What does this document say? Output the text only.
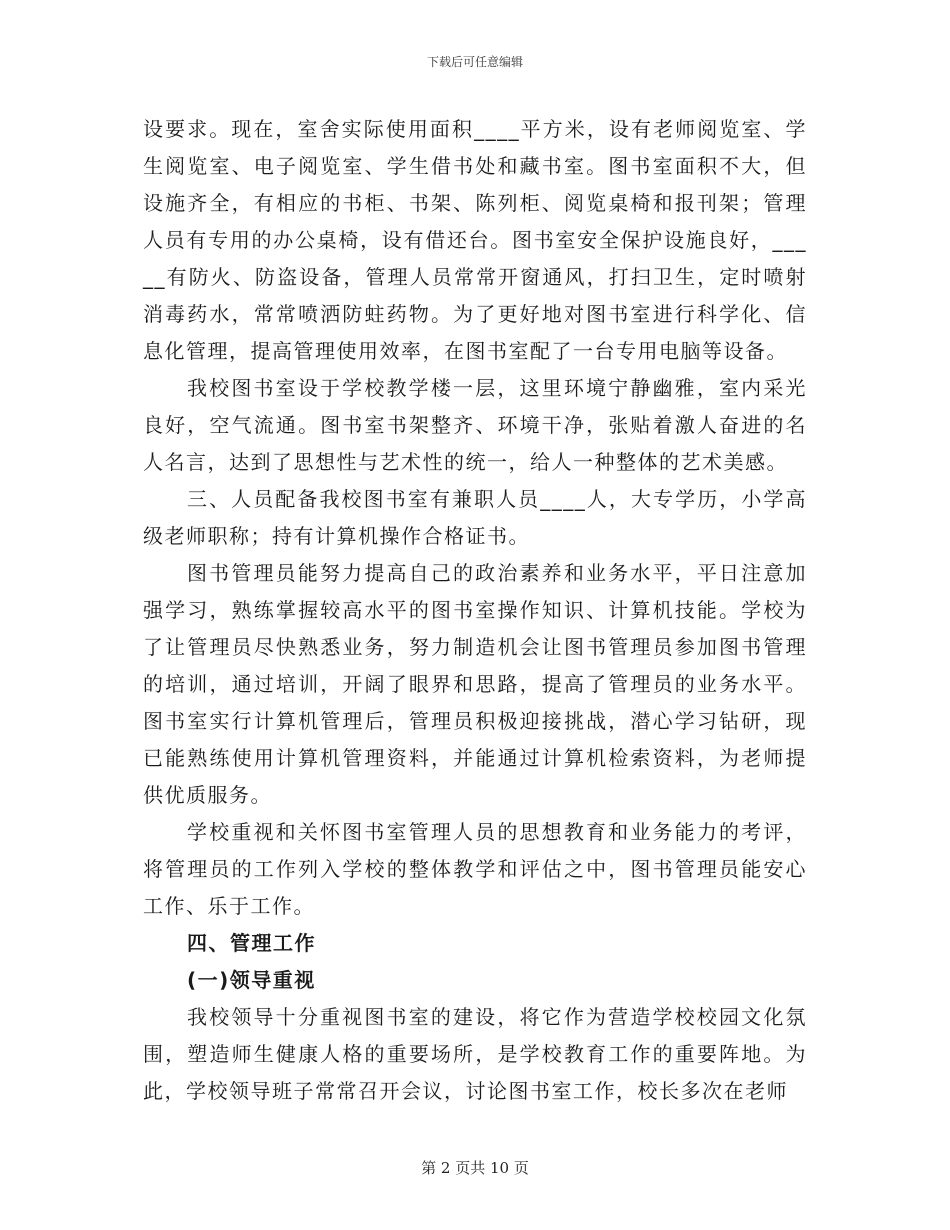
下载后可任意编辑

设要求。现在，室舍实际使用面积____平方米，设有老师阅览室、学生阅览室、电子阅览室、学生借书处和藏书室。图书室面积不大，但设施齐全，有相应的书柜、书架、陈列柜、阅览桌椅和报刊架；管理人员有专用的办公桌椅，设有借还台。图书室安全保护设施良好，_____有防火、防盗设备，管理人员常常开窗通风，打扫卫生，定时喷射消毒药水，常常喷洒防蛀药物。为了更好地对图书室进行科学化、信息化管理，提高管理使用效率，在图书室配了一台专用电脑等设备。

我校图书室设于学校教学楼一层，这里环境宁静幽雅，室内采光良好，空气流通。图书室书架整齐、环境干净，张贴着激人奋进的名人名言，达到了思想性与艺术性的统一，给人一种整体的艺术美感。

三、人员配备我校图书室有兼职人员____人，大专学历，小学高级老师职称；持有计算机操作合格证书。

图书管理员能努力提高自己的政治素养和业务水平，平日注意加强学习，熟练掌握较高水平的图书室操作知识、计算机技能。学校为了让管理员尽快熟悉业务，努力制造机会让图书管理员参加图书管理的培训，通过培训，开阔了眼界和思路，提高了管理员的业务水平。图书室实行计算机管理后，管理员积极迎接挑战，潜心学习钻研，现已能熟练使用计算机管理资料，并能通过计算机检索资料，为老师提供优质服务。

学校重视和关怀图书室管理人员的思想教育和业务能力的考评，将管理员的工作列入学校的整体教学和评估之中，图书管理员能安心工作、乐于工作。

四、管理工作

(一)领导重视

我校领导十分重视图书室的建设，将它作为营造学校校园文化氛围，塑造师生健康人格的重要场所，是学校教育工作的重要阵地。为此，学校领导班子常常召开会议，讨论图书室工作，校长多次在老师

第 2 页共 10 页
